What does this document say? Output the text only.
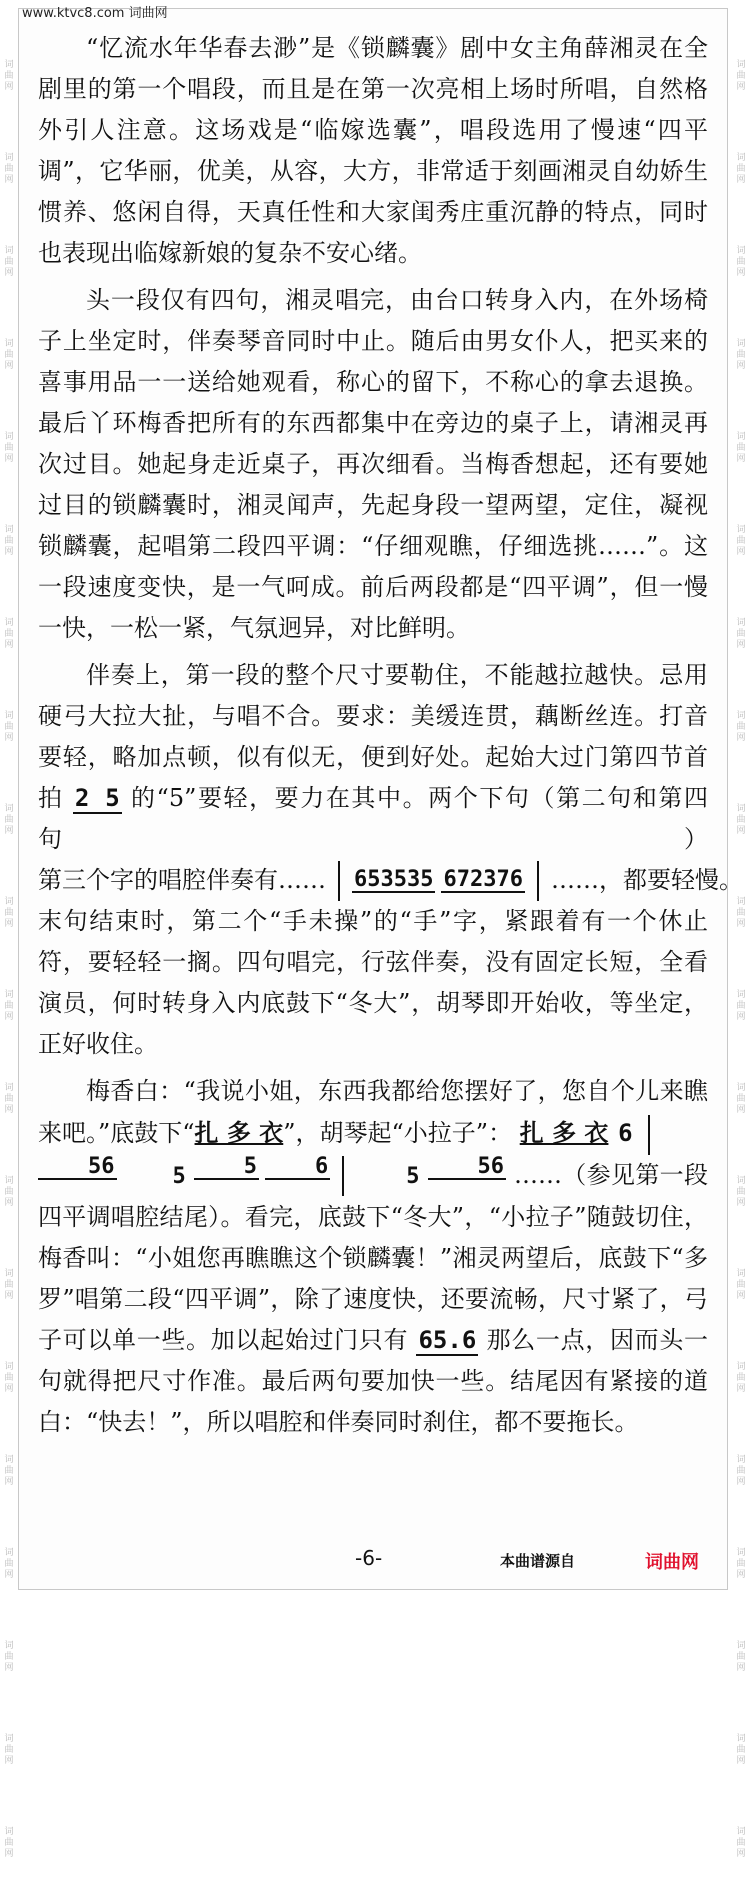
www.ktvc8.com 词曲网
词
曲
网
词
曲
网
词
曲
网
词
曲
网
词
曲
网
词
曲
网
词
曲
网
词
曲
网
词
曲
网
词
曲
网
词
曲
网
词
曲
网
词
曲
网
词
曲
网
词
曲
网
词
曲
网
词
曲
网
词
曲
网
词
曲
网
词
曲
网
词
曲
网
词
曲
网
词
曲
网
词
曲
网
词
曲
网
词
曲
网
词
曲
网
词
曲
网
词
曲
网
词
曲
网
词
曲
网
词
曲
网
词
曲
网
词
曲
网
词
曲
网
词
曲
网
词
曲
网
词
曲
网
词
曲
网
词
曲
网

“忆流水年华春去渺”是《锁麟囊》剧中女主角薛湘灵在全剧里的第一个唱段，而且是在第一次亮相上场时所唱，自然格外引人注意。这场戏是“临嫁选囊”，唱段选用了慢速“四平调”，它华丽，优美，从容，大方，非常适于刻画湘灵自幼娇生惯养、悠闲自得，天真任性和大家闺秀庄重沉静的特点，同时也表现出临嫁新娘的复杂不安心绪。

头一段仅有四句，湘灵唱完，由台口转身入内，在外场椅子上坐定时，伴奏琴音同时中止。随后由男女仆人，把买来的喜事用品一一送给她观看，称心的留下，不称心的拿去退换。最后丫环梅香把所有的东西都集中在旁边的桌子上，请湘灵再次过目。她起身走近桌子，再次细看。当梅香想起，还有要她过目的锁麟囊时，湘灵闻声，先起身段一望两望，定住，凝视锁麟囊，起唱第二段四平调：“仔细观瞧，仔细选挑……”。这一段速度变快，是一气呵成。前后两段都是“四平调”，但一慢一快，一松一紧，气氛迥异，对比鲜明。

伴奏上，第一段的整个尺寸要勒住，不能越拉越快。忌用硬弓大拉大扯，与唱不合。要求：美缓连贯，藕断丝连。打音要轻，略加点顿，似有似无，便到好处。起始大过门第四节首拍 2 5 的“5”要轻，要力在其中。两个下句（第二句和第四句）
第三个字的唱腔伴奏有…… 653535 672376 ……，都要轻慢。

末句结束时，第二个“手未操”的“手”字，紧跟着有一个休止符，要轻轻一搁。四句唱完，行弦伴奏，没有固定长短，全看演员，何时转身入内底鼓下“冬大”，胡琴即开始收，等坐定，正好收住。

梅香白：“我说小姐，东西我都给您摆好了，您自个儿来瞧来吧。”底鼓下“扎 多 衣”，胡琴起“小拉子”： 扎 多 衣 6

56	5	5	6	5	56 ……（参见第一段四平调唱腔结尾）。看完，底鼓下“冬大”，“小拉子”随鼓切住，梅香叫：“小姐您再瞧瞧这个锁麟囊！”湘灵两望后，底鼓下“多罗”唱第二段“四平调”，除了速度快，还要流畅，尺寸紧了，弓子可以单一些。加以起始过门只有 65.6 那么一点，因而头一句就得把尺寸作准。最后两句要加快一些。结尾因有紧接的道白：“快去！”，所以唱腔和伴奏同时刹住，都不要拖长。

-6-	本曲谱源自	词曲网
